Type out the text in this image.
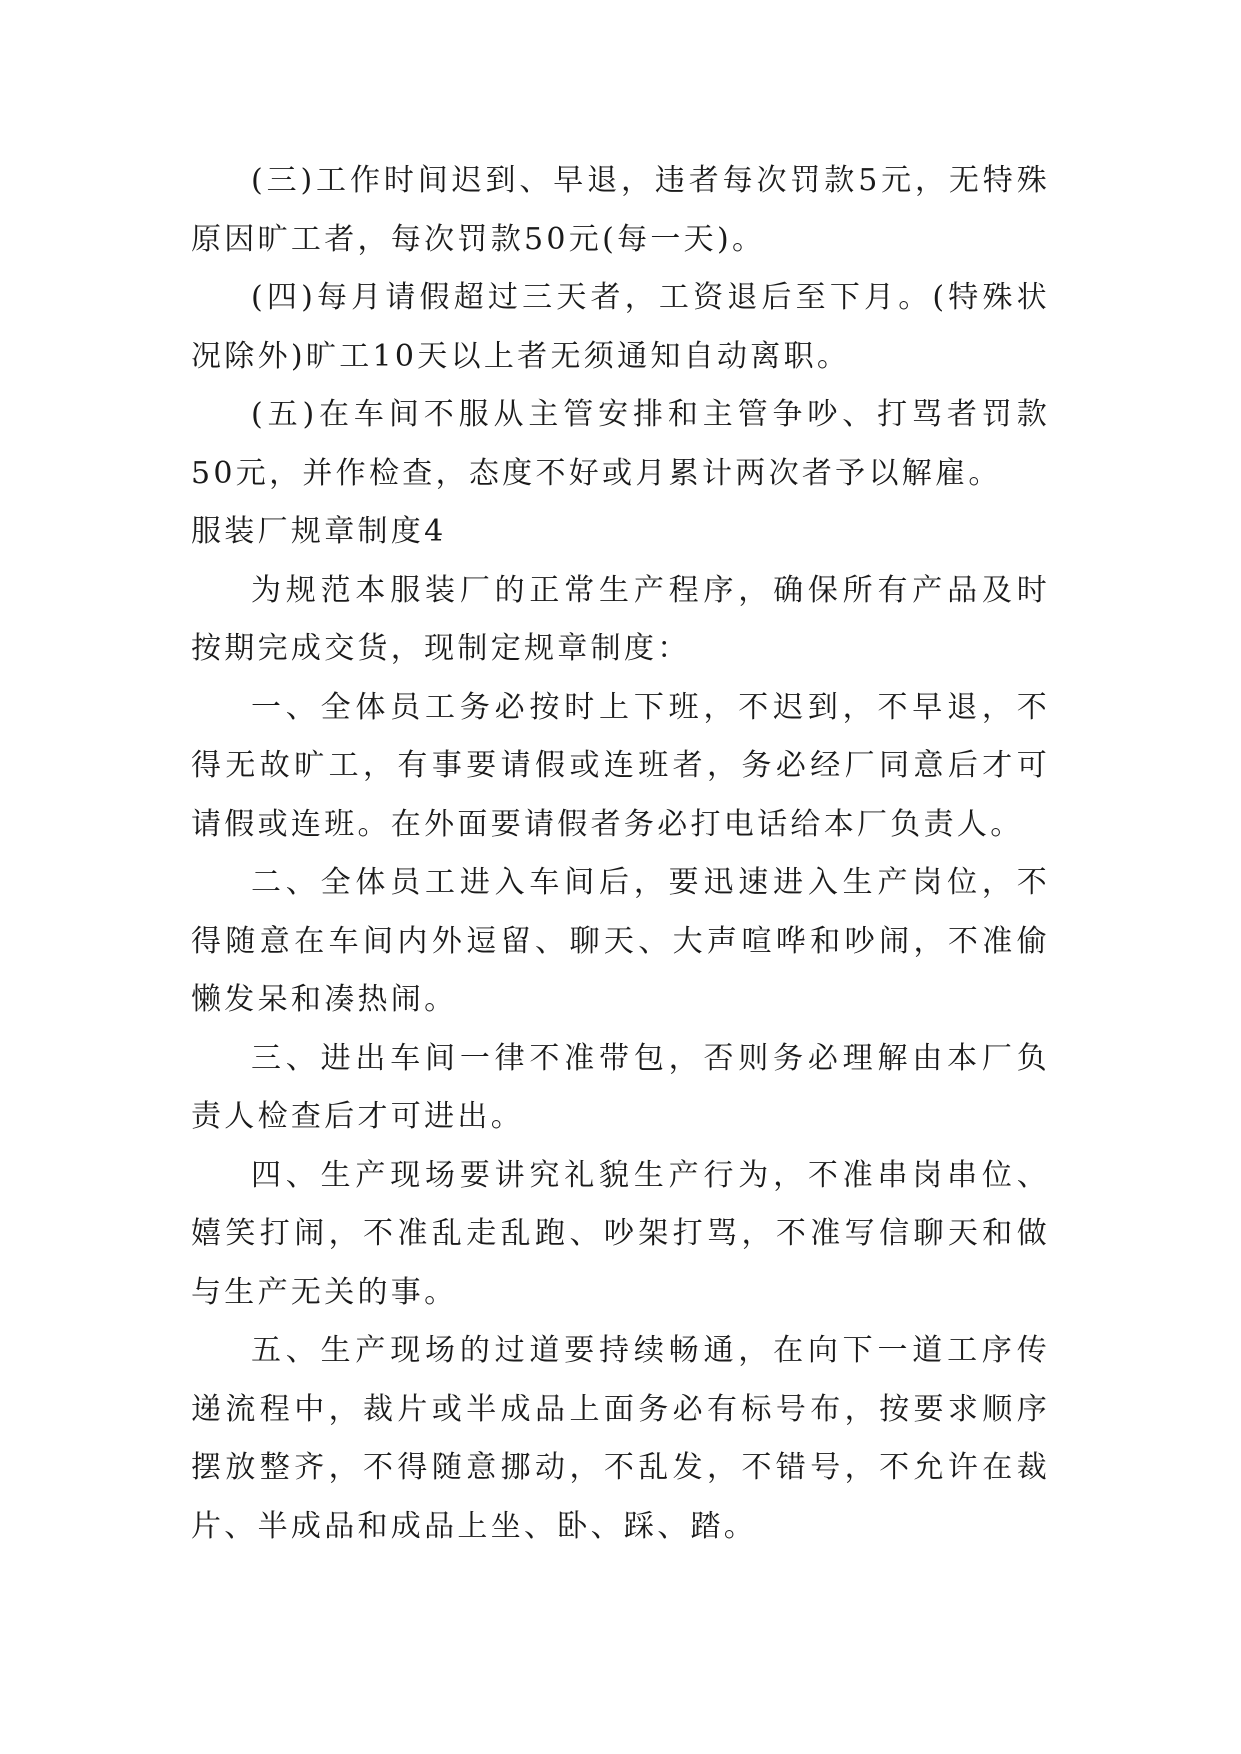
(三)工作时间迟到、早退，违者每次罚款5元，无特殊原因旷工者，每次罚款50元(每一天)。

(四)每月请假超过三天者，工资退后至下月。(特殊状况除外)旷工10天以上者无须通知自动离职。

(五)在车间不服从主管安排和主管争吵、打骂者罚款50元，并作检查，态度不好或月累计两次者予以解雇。

服装厂规章制度4

为规范本服装厂的正常生产程序，确保所有产品及时按期完成交货，现制定规章制度：

一、全体员工务必按时上下班，不迟到，不早退，不得无故旷工，有事要请假或连班者，务必经厂同意后才可请假或连班。在外面要请假者务必打电话给本厂负责人。

二、全体员工进入车间后，要迅速进入生产岗位，不得随意在车间内外逗留、聊天、大声喧哗和吵闹，不准偷懒发呆和凑热闹。

三、进出车间一律不准带包，否则务必理解由本厂负责人检查后才可进出。

四、生产现场要讲究礼貌生产行为，不准串岗串位、嬉笑打闹，不准乱走乱跑、吵架打骂，不准写信聊天和做与生产无关的事。

五、生产现场的过道要持续畅通，在向下一道工序传递流程中，裁片或半成品上面务必有标号布，按要求顺序摆放整齐，不得随意挪动，不乱发，不错号，不允许在裁片、半成品和成品上坐、卧、踩、踏。
